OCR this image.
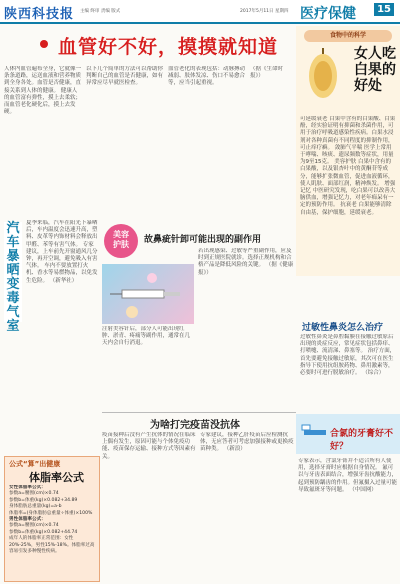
陕西科技报 主编 终审 责编 版式	2017年5月11日 星期四 医疗保健	15
血管好不好，摸摸就知道
人体内血管遍布全身，它就像一条条道路，运送血液和营养物质到全身各处。血管是否健康，直接关系到人体的健康。 健康人的血管富有弹性，摸上去柔软；而血管老化硬化后，摸上去发硬。
以下几个简单的方法可以帮助你判断自己的血管是否健康，如有异常应尽早就医检查。
血管老化的表现包括：动脉搏动减弱、肢体发凉、伤口不易愈合等，应当引起重视。
（据《生命时报》）
食物中的科学
女人吃白果的好处
可延缓衰老 白果中含有的白果酸、白果酚，经实验证明有抑菌和杀菌作用，可用于治疗呼吸道感染性疾病。白果水浸剂对各种真菌有不同程度的抑制作用，可止痒疗癣。 敛肺气平喘 医学上常用于哮喘、咳痰、遗尿频数等症状，用量为9至15克。 美容护肤 白果中含有的白果酸，以及银杏叶中的黄酮苷等成分，能够扩张微血管，促进血液循环，使人肌肤、面部红润，精神焕发。 增强记忆 中医研究发现，吃白果可以改善大脑供血，增强记忆力，对老年痴呆有一定的预防作用。 抗衰老 白果能够清除自由基，保护细胞，延缓衰老。
汽车暴晒变毒气室
夏季来临，汽车在阳光下暴晒后，车内温度会迅速升高，塑料、皮革等内饰材料会释放出甲醛、苯等有害气体。 专家建议，上车前先开窗通风几分钟，再开空调，避免吸入有害气体。 车内不要放置打火机、香水等易燃物品，以免发生危险。 （新华社）
美容
护肤	故鼻疵针卸可能出现的副作用
注射美容针后，部分人可能出现红肿、淤青、疼痛等副作用，通常在几天内会自行消退。
若出现感染、过敏等严重副作用，应及时到正规医院就诊。选择正规机构和合格产品是降低风险的关键。 （据《健康报》）
过敏性鼻炎怎么治疗
过敏性鼻炎是鼻腔黏膜在接触过敏原后出现的炎症反应，常见症状包括鼻痒、打喷嚏、流清涕、鼻塞等。 治疗方面，首先要避免接触过敏原，其次可在医生指导下使用抗组胺药物、鼻用激素等，必要时可进行脱敏治疗。 （综合）
为啥打完疫苗没抗体
疫苗接种后没有产生抗体的情况在临床上偶有发生，原因可能与个体免疫功能、疫苗保存运输、接种方式等因素有关。
专家建议，接种乙肝疫苗后应检测抗体，无应答者可考虑加强接种或更换疫苗种类。 （新浪）
公式“算”出健康
体脂率公式
女性体脂率公式：
参数a=腰围(cm)×0.74
参数b=体重(kg)×0.082+34.89
身体脂肪总重量(kg)=a-b
体脂率=(身体脂肪总重量÷体重)×100%
男性体脂率公式：
参数a=腰围(cm)×0.74
参数b=体重(kg)×0.082+44.74
成年人的体脂率正常范围：女性20%-25%，男性15%-18%。体脂率过高容易引发多种慢性疾病。
合氯的牙膏好不好？
专家表示，含氯牙膏并不适合所有人使用，选择牙膏时应根据自身情况。 氟可以与牙齿表面结合，增强牙齿抗酸能力，起到预防龋齿的作用。但氟摄入过量可能导致氟斑牙等问题。 （中国网）
